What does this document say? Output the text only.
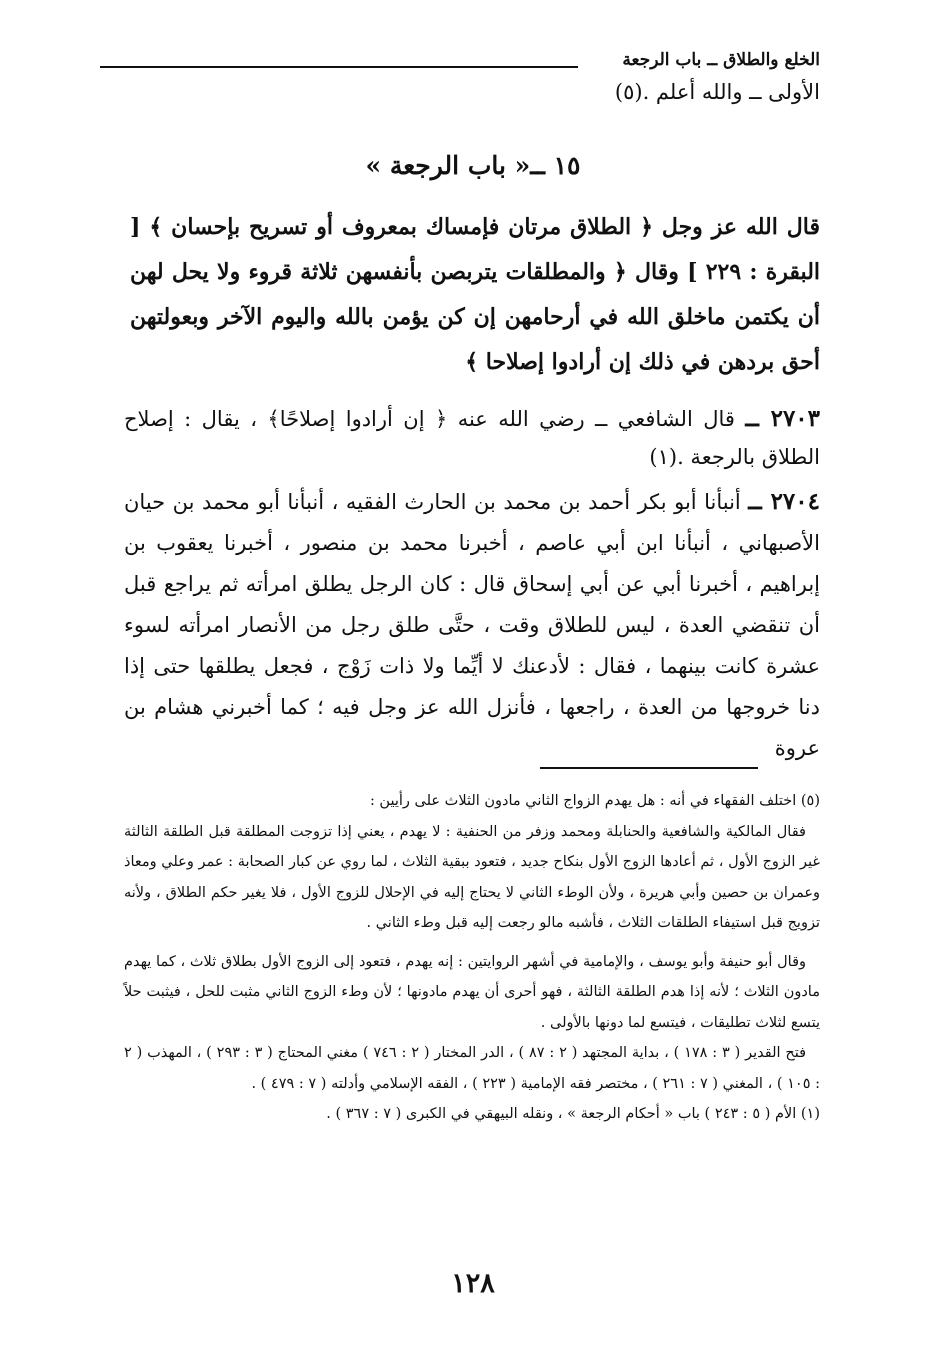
الخلع والطلاق ــ باب الرجعة
الأولى ــ والله أعلم .(٥)
١٥ ــ« باب الرجعة »
قال الله عز وجل ﴿ الطلاق مرتان فإمساك بمعروف أو تسريح بإحسان ﴾ [ البقرة : ٢٢٩ ] وقال ﴿ والمطلقات يتربصن بأنفسهن ثلاثة قروء ولا يحل لهن أن يكتمن ماخلق الله في أرحامهن إن كن يؤمن بالله واليوم الآخر وبعولتهن أحق بردهن في ذلك إن أرادوا إصلاحا ﴾
٢٧٠٣ ــ قال الشافعي ــ رضي الله عنه ﴿ إن أرادوا إصلاحًا﴾ ، يقال : إصلاح الطلاق بالرجعة .(١)
٢٧٠٤ ــ أنبأنا أبو بكر أحمد بن محمد بن الحارث الفقيه ، أنبأنا أبو محمد بن حيان الأصبهاني ، أنبأنا ابن أبي عاصم ، أخبرنا محمد بن منصور ، أخبرنا يعقوب بن إبراهيم ، أخبرنا أبي عن أبي إسحاق قال : كان الرجل يطلق امرأته ثم يراجع قبل أن تنقضي العدة ، ليس للطلاق وقت ، حتَّى طلق رجل من الأنصار امرأته لسوء عشرة كانت بينهما ، فقال : لأدعنك لا أيِّما ولا ذات زَوْج ، فجعل يطلقها حتى إذا دنا خروجها من العدة ، راجعها ، فأنزل الله عز وجل فيه ؛ كما أخبرني هشام بن عروة

(٥) اختلف الفقهاء في أنه : هل يهدم الزواج الثاني مادون الثلاث على رأيين :

فقال المالكية والشافعية والحنابلة ومحمد وزفر من الحنفية : لا يهدم ، يعني إذا تزوجت المطلقة قبل الطلقة الثالثة غير الزوج الأول ، ثم أعادها الزوج الأول بنكاح جديد ، فتعود ببقية الثلاث ، لما روي عن كبار الصحابة : عمر وعلي ومعاذ وعمران بن حصين وأبي هريرة ، ولأن الوطء الثاني لا يحتاج إليه في الإحلال للزوج الأول ، فلا يغير حكم الطلاق ، ولأنه تزويج قبل استيفاء الطلقات الثلاث ، فأشبه مالو رجعت إليه قبل وطء الثاني .

وقال أبو حنيفة وأبو يوسف ، والإمامية في أشهر الروايتين : إنه يهدم ، فتعود إلى الزوج الأول بطلاق ثلاث ، كما يهدم مادون الثلاث ؛ لأنه إذا هدم الطلقة الثالثة ، فهو أحرى أن يهدم مادونها ؛ لأن وطء الزوج الثاني مثبت للحل ، فيثبت حلاً يتسع لثلاث تطليقات ، فيتسع لما دونها بالأولى .

فتح القدير ( ٣ : ١٧٨ ) ، بداية المجتهد ( ٢ : ٨٧ ) ، الدر المختار ( ٢ : ٧٤٦ ) مغني المحتاج ( ٣ : ٢٩٣ ) ، المهذب ( ٢ : ١٠٥ ) ، المغني ( ٧ : ٢٦١ ) ، مختصر فقه الإمامية ( ٢٢٣ ) ، الفقه الإسلامي وأدلته ( ٧ : ٤٧٩ ) .

(١) الأم ( ٥ : ٢٤٣ ) باب « أحكام الرجعة » ، ونقله البيهقي في الكبرى ( ٧ : ٣٦٧ ) .

١٢٨
